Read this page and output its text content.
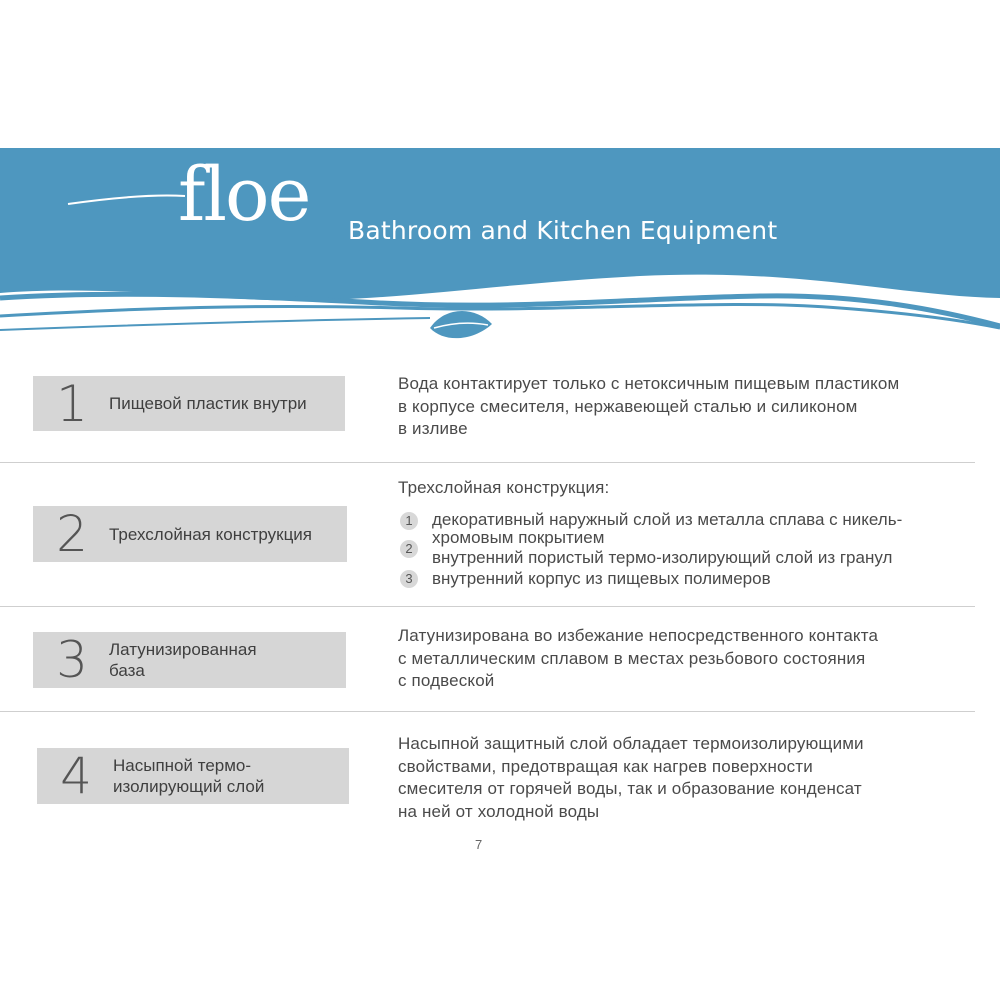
floe Bathroom and Kitchen Equipment
1	Пищевой пластик внутри
Вода контактирует только с нетоксичным пищевым пластиком
в корпусе смесителя, нержавеющей сталью и силиконом
в изливе
2	Трехслойная конструкция
Трехслойная конструкция:
1	декоративный наружный слой из металла сплава с никель-
хромовым покрытием
2	внутренний пористый термо-изолирующий слой из гранул
3	внутренний корпус из пищевых полимеров
3	Латунизированная
база
Латунизирована во избежание непосредственного контакта
с металлическим сплавом в местах резьбового состояния
с подвеской
4	Насыпной термо-
изолирующий слой
Насыпной защитный слой обладает термоизолирующими
свойствами, предотвращая как нагрев поверхности
смесителя от горячей воды, так и образование конденсат
на ней от холодной воды
7
